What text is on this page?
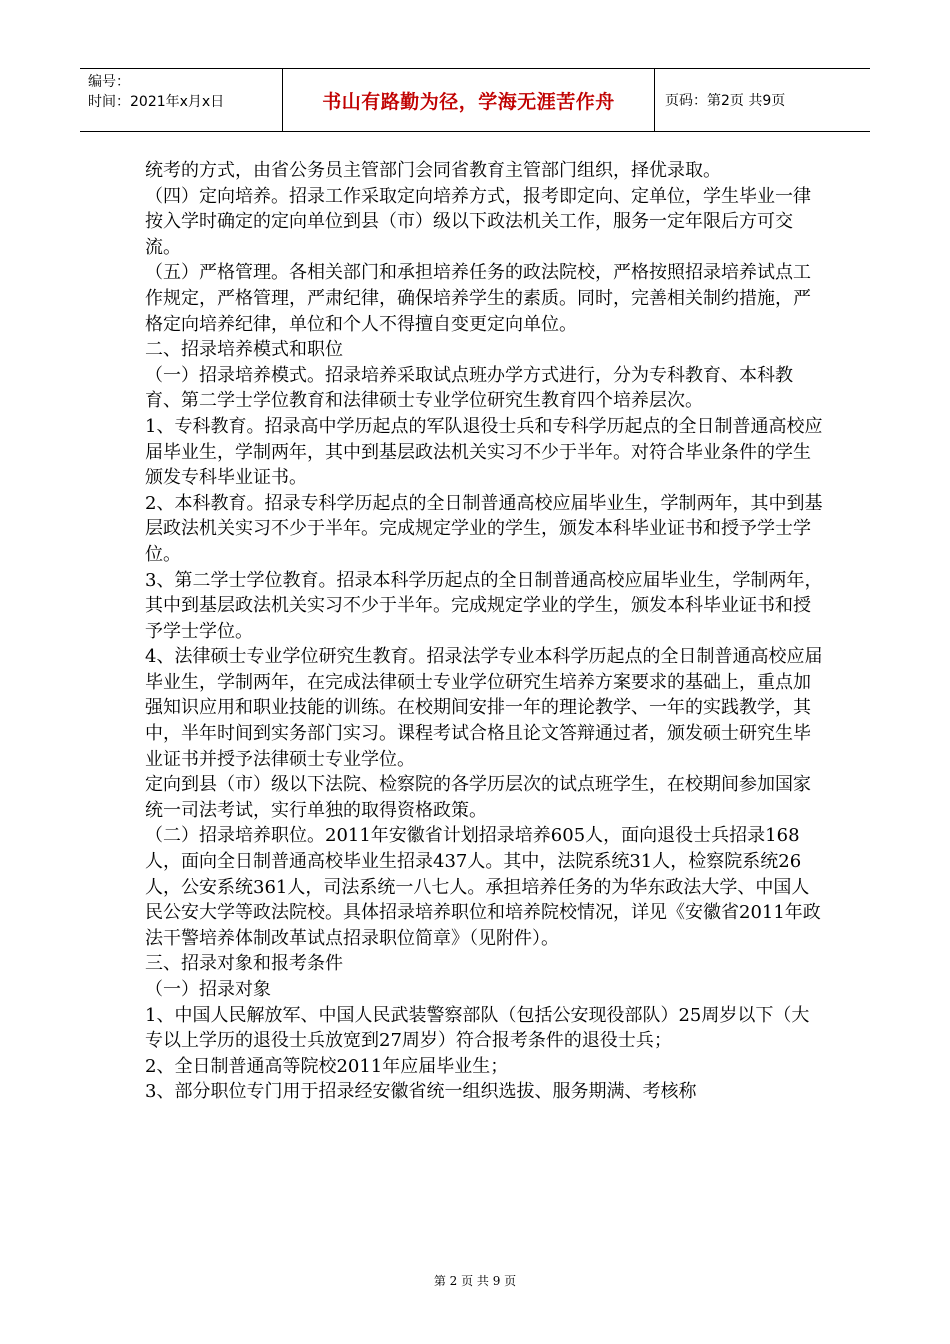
编号：
时间：2021年x月x日	书山有路勤为径，学海无涯苦作舟	页码：第2页 共9页

统考的方式，由省公务员主管部门会同省教育主管部门组织，择优录取。

（四）定向培养。招录工作采取定向培养方式，报考即定向、定单位，学生毕业一律按入学时确定的定向单位到县（市）级以下政法机关工作，服务一定年限后方可交流。

（五）严格管理。各相关部门和承担培养任务的政法院校，严格按照招录培养试点工作规定，严格管理，严肃纪律，确保培养学生的素质。同时，完善相关制约措施，严格定向培养纪律，单位和个人不得擅自变更定向单位。

二、招录培养模式和职位

（一）招录培养模式。招录培养采取试点班办学方式进行，分为专科教育、本科教育、第二学士学位教育和法律硕士专业学位研究生教育四个培养层次。

1、专科教育。招录高中学历起点的军队退役士兵和专科学历起点的全日制普通高校应届毕业生，学制两年，其中到基层政法机关实习不少于半年。对符合毕业条件的学生颁发专科毕业证书。

2、本科教育。招录专科学历起点的全日制普通高校应届毕业生，学制两年，其中到基层政法机关实习不少于半年。完成规定学业的学生，颁发本科毕业证书和授予学士学位。

3、第二学士学位教育。招录本科学历起点的全日制普通高校应届毕业生，学制两年，其中到基层政法机关实习不少于半年。完成规定学业的学生，颁发本科毕业证书和授予学士学位。

4、法律硕士专业学位研究生教育。招录法学专业本科学历起点的全日制普通高校应届毕业生，学制两年，在完成法律硕士专业学位研究生培养方案要求的基础上，重点加强知识应用和职业技能的训练。在校期间安排一年的理论教学、一年的实践教学，其中，半年时间到实务部门实习。课程考试合格且论文答辩通过者，颁发硕士研究生毕业证书并授予法律硕士专业学位。

定向到县（市）级以下法院、检察院的各学历层次的试点班学生，在校期间参加国家统一司法考试，实行单独的取得资格政策。

（二）招录培养职位。2011年安徽省计划招录培养605人，面向退役士兵招录168人，面向全日制普通高校毕业生招录437人。其中，法院系统31人，检察院系统26人，公安系统361人，司法系统一八七人。承担培养任务的为华东政法大学、中国人民公安大学等政法院校。具体招录培养职位和培养院校情况，详见《安徽省2011年政法干警培养体制改革试点招录职位简章》（见附件）。

三、招录对象和报考条件

（一）招录对象

1、中国人民解放军、中国人民武装警察部队（包括公安现役部队）25周岁以下（大专以上学历的退役士兵放宽到27周岁）符合报考条件的退役士兵；

2、全日制普通高等院校2011年应届毕业生；

3、部分职位专门用于招录经安徽省统一组织选拔、服务期满、考核称

第 2 页 共 9 页
